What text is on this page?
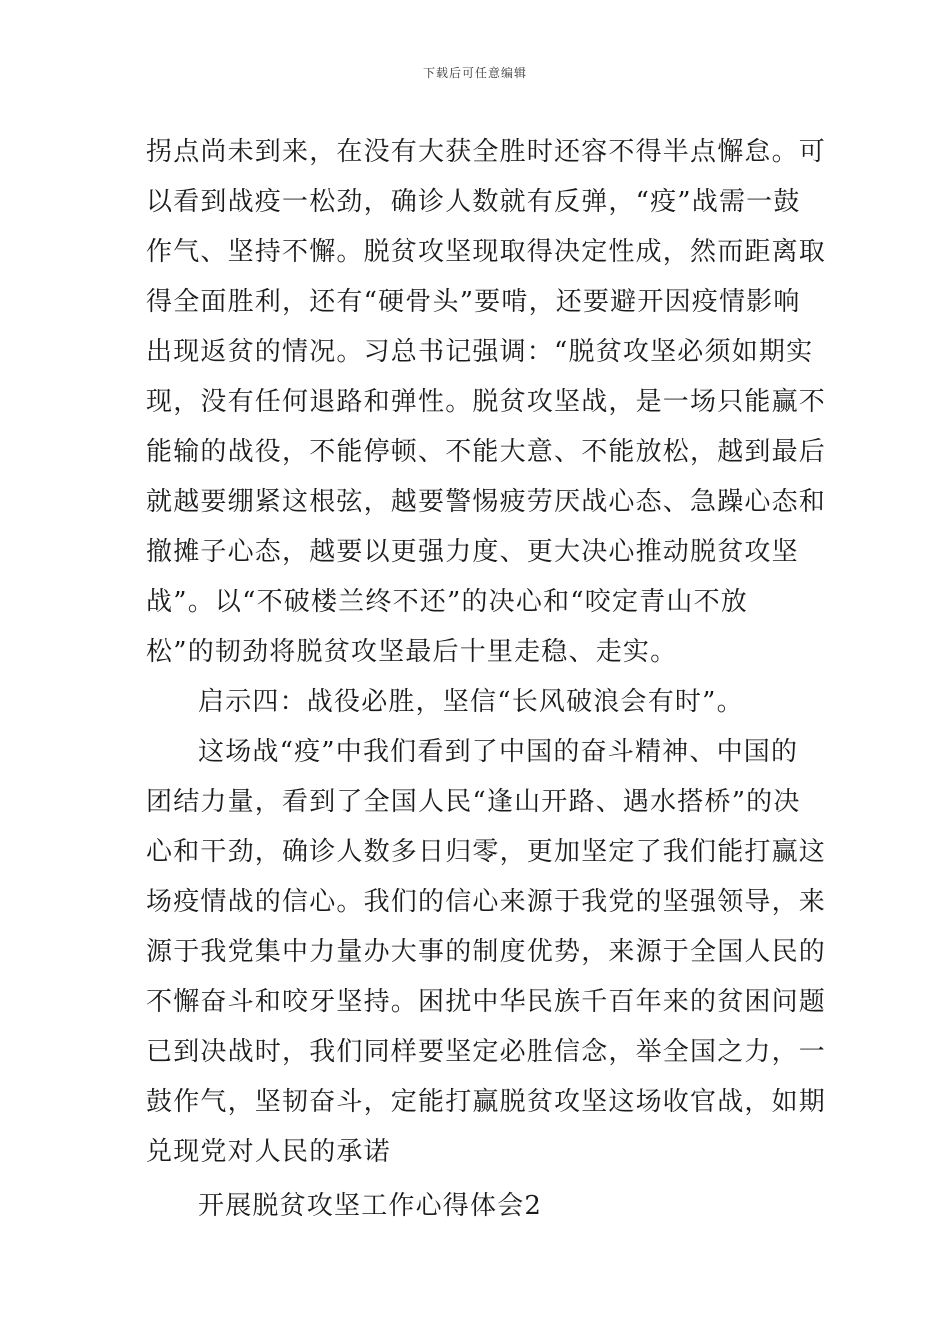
下载后可任意编辑
拐点尚未到来，在没有大获全胜时还容不得半点懈怠。可
以看到战疫一松劲，确诊人数就有反弹，“疫”战需一鼓
作气、坚持不懈。脱贫攻坚现取得决定性成，然而距离取
得全面胜利，还有“硬骨头”要啃，还要避开因疫情影响
出现返贫的情况。习总书记强调：“脱贫攻坚必须如期实
现，没有任何退路和弹性。脱贫攻坚战，是一场只能赢不
能输的战役，不能停顿、不能大意、不能放松，越到最后
就越要绷紧这根弦，越要警惕疲劳厌战心态、急躁心态和
撤摊子心态，越要以更强力度、更大决心推动脱贫攻坚
战”。以“不破楼兰终不还”的决心和“咬定青山不放
松”的韧劲将脱贫攻坚最后十里走稳、走实。
启示四：战役必胜，坚信“长风破浪会有时”。
这场战“疫”中我们看到了中国的奋斗精神、中国的
团结力量，看到了全国人民“逢山开路、遇水搭桥”的决
心和干劲，确诊人数多日归零，更加坚定了我们能打赢这
场疫情战的信心。我们的信心来源于我党的坚强领导，来
源于我党集中力量办大事的制度优势，来源于全国人民的
不懈奋斗和咬牙坚持。困扰中华民族千百年来的贫困问题
已到决战时，我们同样要坚定必胜信念，举全国之力，一
鼓作气，坚韧奋斗，定能打赢脱贫攻坚这场收官战，如期
兑现党对人民的承诺
开展脱贫攻坚工作心得体会2
